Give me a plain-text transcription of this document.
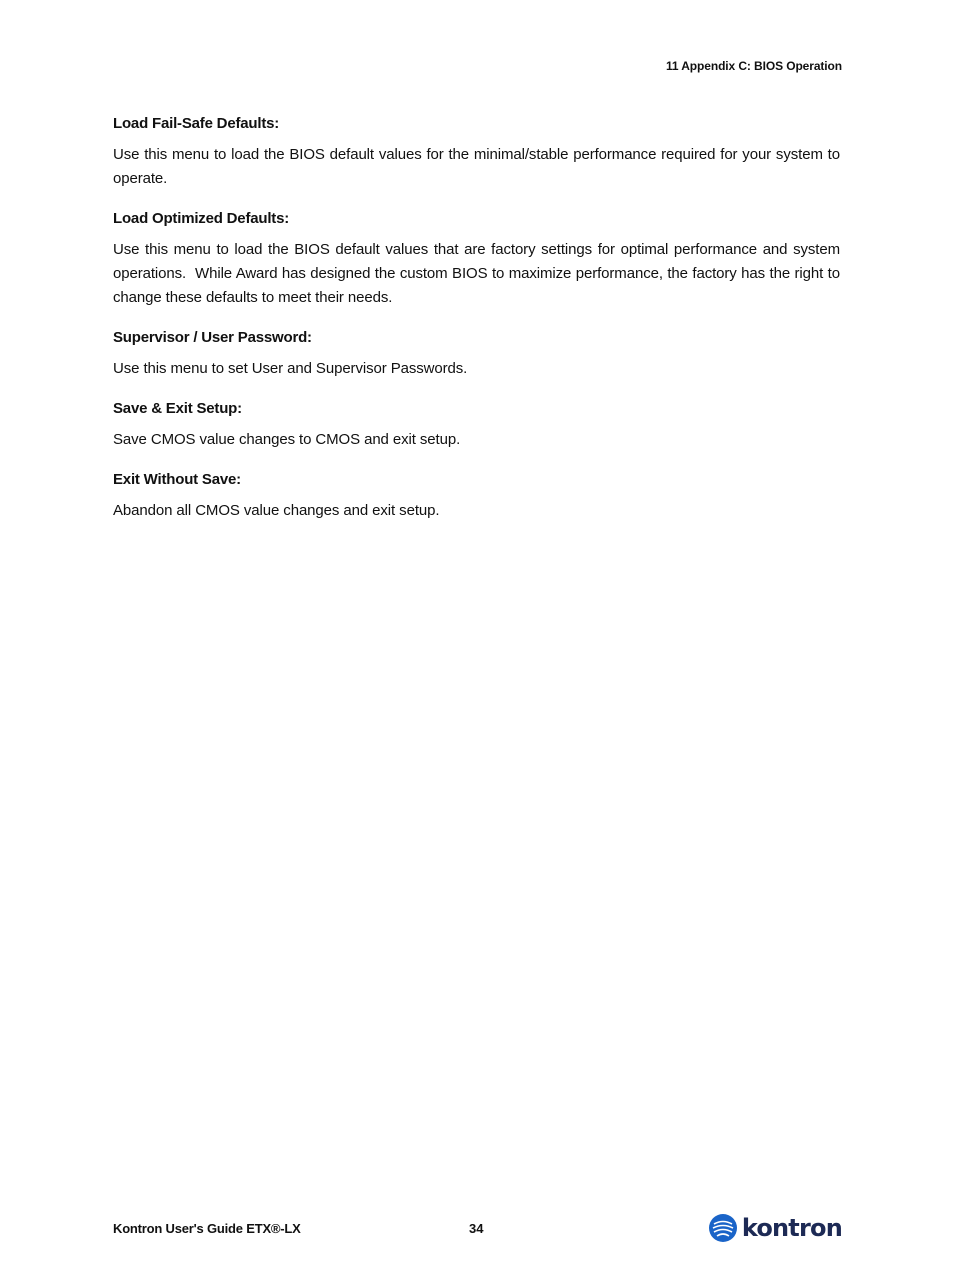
11 Appendix C: BIOS Operation
Load Fail-Safe Defaults:

Use this menu to load the BIOS default values for the minimal/stable performance required for your system to operate.

Load Optimized Defaults:

Use this menu to load the BIOS default values that are factory settings for optimal performance and system operations.  While Award has designed the custom BIOS to maximize performance, the factory has the right to change these defaults to meet their needs.

Supervisor / User Password:

Use this menu to set User and Supervisor Passwords.

Save & Exit Setup:

Save CMOS value changes to CMOS and exit setup.

Exit Without Save:

Abandon all CMOS value changes and exit setup.

Kontron User's Guide ETX®-LX	34	kontron
